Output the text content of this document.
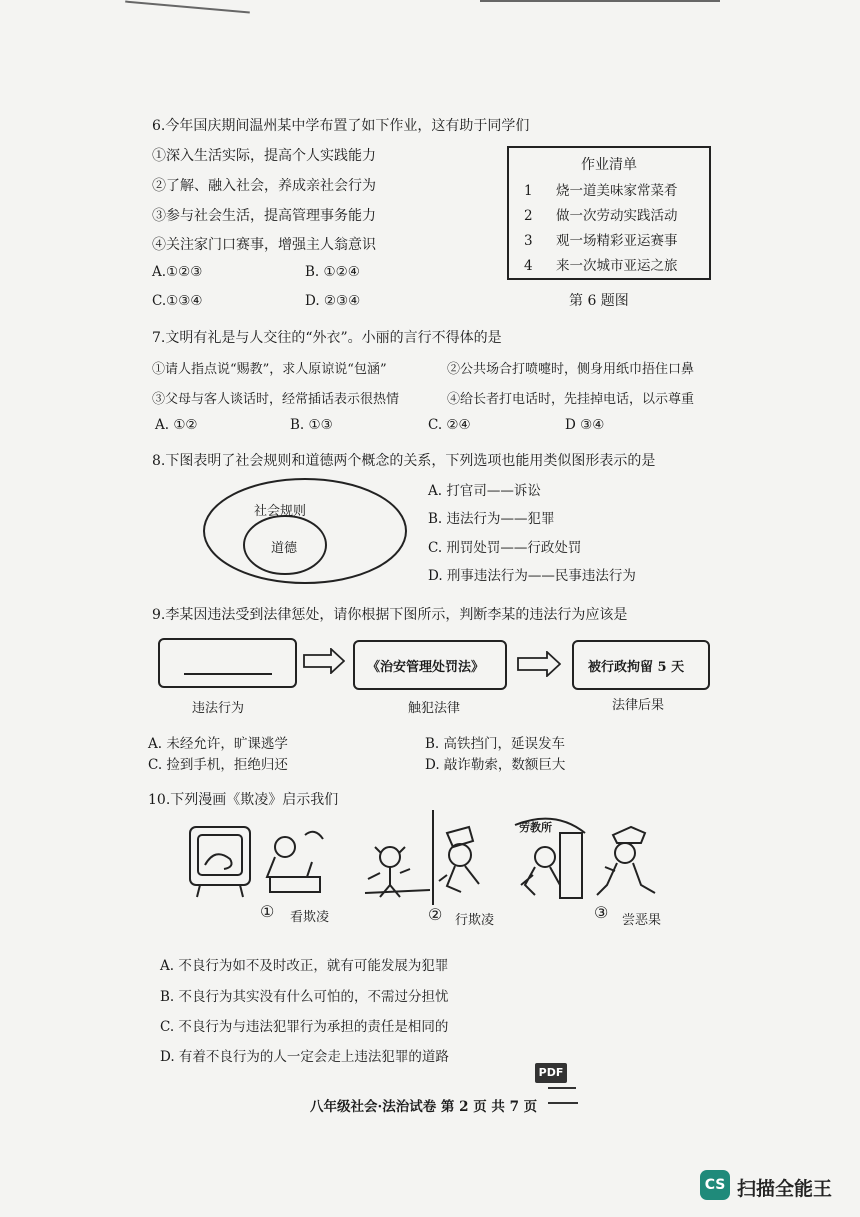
6.今年国庆期间温州某中学布置了如下作业，这有助于同学们
①深入生活实际，提高个人实践能力
②了解、融入社会，养成亲社会行为
③参与社会生活，提高管理事务能力
④关注家门口赛事，增强主人翁意识
A.①②③	B. ①②④
C.①③④	D. ②③④
作业清单
1 烧一道美味家常菜肴
2 做一次劳动实践活动
3 观一场精彩亚运赛事
4 来一次城市亚运之旅
第 6 题图
7.文明有礼是与人交往的“外衣”。小丽的言行不得体的是
①请人指点说“赐教”，求人原谅说“包涵”	②公共场合打喷嚏时，侧身用纸巾捂住口鼻
③父母与客人谈话时，经常插话表示很热情	④给长者打电话时，先挂掉电话，以示尊重
A. ①②	B. ①③	C. ②④	D ③④
8.下图表明了社会规则和道德两个概念的关系，下列选项也能用类似图形表示的是
社会规则
道德
A. 打官司——诉讼
B. 违法行为——犯罪
C. 刑罚处罚——行政处罚
D. 刑事违法行为——民事违法行为
9.李某因违法受到法律惩处，请你根据下图所示，判断李某的违法行为应该是
《治安管理处罚法》	被行政拘留 5 天
违法行为	触犯法律	法律后果
A. 未经允许，旷课逃学	B. 高铁挡门，延误发车
C. 捡到手机，拒绝归还	D. 敲诈勒索，数额巨大
10.下列漫画《欺凌》启示我们
劳教所
① 看欺凌	② 行欺凌	③ 尝恶果
A. 不良行为如不及时改正，就有可能发展为犯罪
B. 不良行为其实没有什么可怕的，不需过分担忧
C. 不良行为与违法犯罪行为承担的责任是相同的
D. 有着不良行为的人一定会走上违法犯罪的道路
PDF
八年级社会·法治试卷 第 2 页 共 7 页
CS 扫描全能王
